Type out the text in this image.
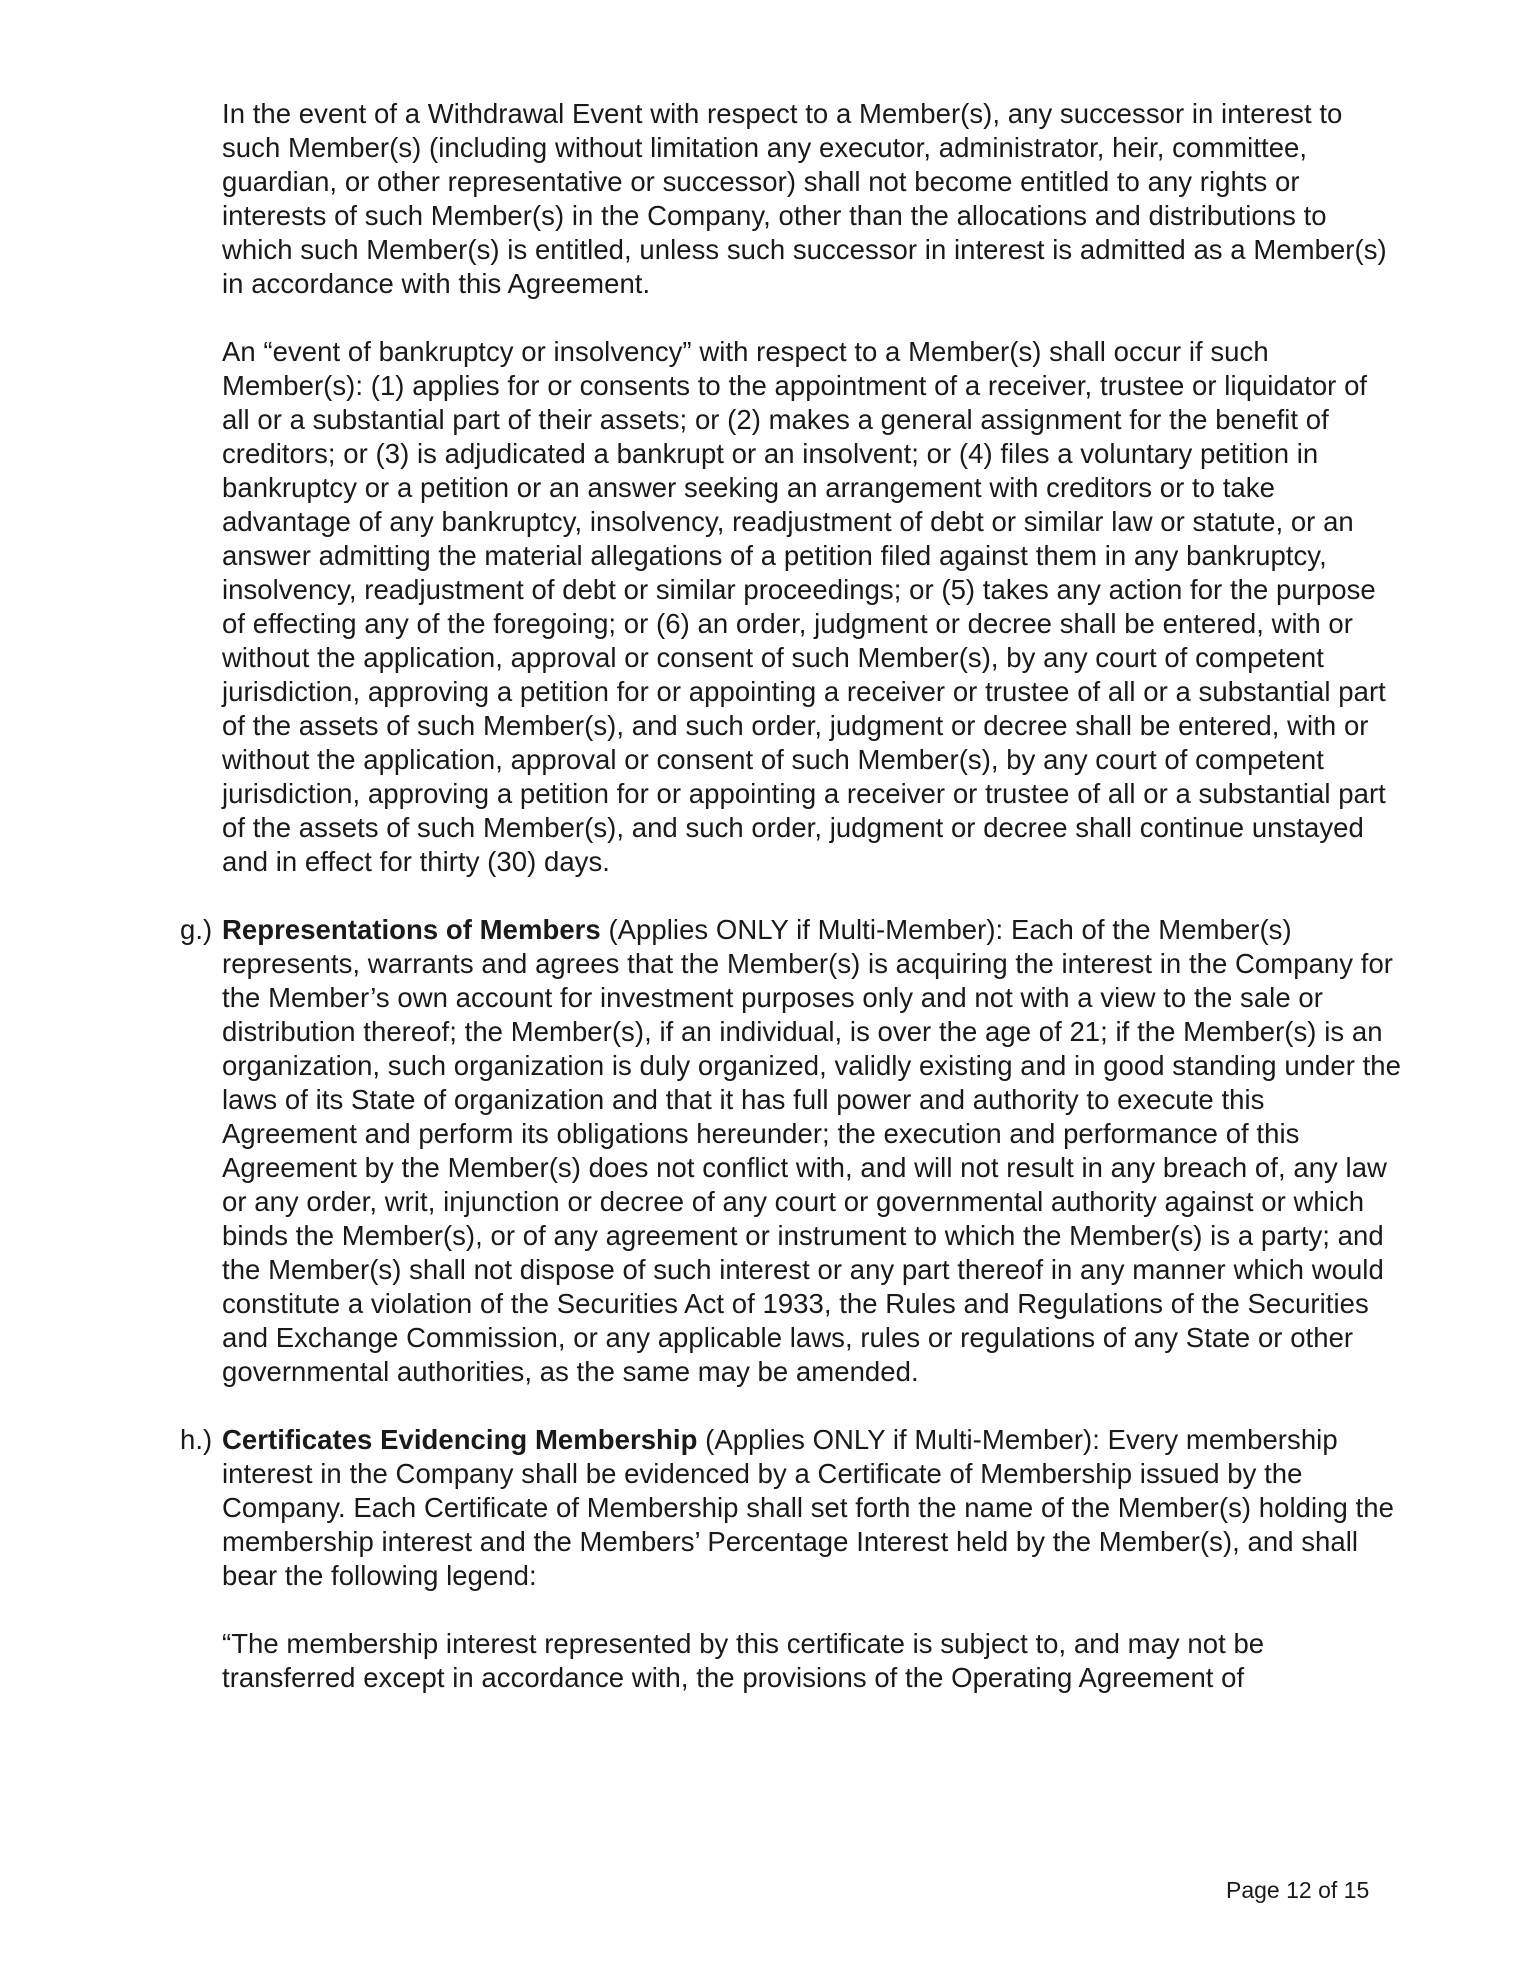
In the event of a Withdrawal Event with respect to a Member(s), any successor in interest to such Member(s) (including without limitation any executor, administrator, heir, committee, guardian, or other representative or successor) shall not become entitled to any rights or interests of such Member(s) in the Company, other than the allocations and distributions to which such Member(s) is entitled, unless such successor in interest is admitted as a Member(s) in accordance with this Agreement.

An “event of bankruptcy or insolvency” with respect to a Member(s) shall occur if such Member(s): (1) applies for or consents to the appointment of a receiver, trustee or liquidator of all or a substantial part of their assets; or (2) makes a general assignment for the benefit of creditors; or (3) is adjudicated a bankrupt or an insolvent; or (4) files a voluntary petition in bankruptcy or a petition or an answer seeking an arrangement with creditors or to take advantage of any bankruptcy, insolvency, readjustment of debt or similar law or statute, or an answer admitting the material allegations of a petition filed against them in any bankruptcy, insolvency, readjustment of debt or similar proceedings; or (5) takes any action for the purpose of effecting any of the foregoing; or (6) an order, judgment or decree shall be entered, with or without the application, approval or consent of such Member(s), by any court of competent jurisdiction, approving a petition for or appointing a receiver or trustee of all or a substantial part of the assets of such Member(s), and such order, judgment or decree shall be entered, with or without the application, approval or consent of such Member(s), by any court of competent jurisdiction, approving a petition for or appointing a receiver or trustee of all or a substantial part of the assets of such Member(s), and such order, judgment or decree shall continue unstayed and in effect for thirty (30) days.

g.) Representations of Members (Applies ONLY if Multi-Member): Each of the Member(s) represents, warrants and agrees that the Member(s) is acquiring the interest in the Company for the Member’s own account for investment purposes only and not with a view to the sale or distribution thereof; the Member(s), if an individual, is over the age of 21; if the Member(s) is an organization, such organization is duly organized, validly existing and in good standing under the laws of its State of organization and that it has full power and authority to execute this Agreement and perform its obligations hereunder; the execution and performance of this Agreement by the Member(s) does not conflict with, and will not result in any breach of, any law or any order, writ, injunction or decree of any court or governmental authority against or which binds the Member(s), or of any agreement or instrument to which the Member(s) is a party; and the Member(s) shall not dispose of such interest or any part thereof in any manner which would constitute a violation of the Securities Act of 1933, the Rules and Regulations of the Securities and Exchange Commission, or any applicable laws, rules or regulations of any State or other governmental authorities, as the same may be amended.
h.) Certificates Evidencing Membership (Applies ONLY if Multi-Member): Every membership interest in the Company shall be evidenced by a Certificate of Membership issued by the Company. Each Certificate of Membership shall set forth the name of the Member(s) holding the membership interest and the Members’ Percentage Interest held by the Member(s), and shall bear the following legend:

“The membership interest represented by this certificate is subject to, and may not be transferred except in accordance with, the provisions of the Operating Agreement of

Page 12 of 15
